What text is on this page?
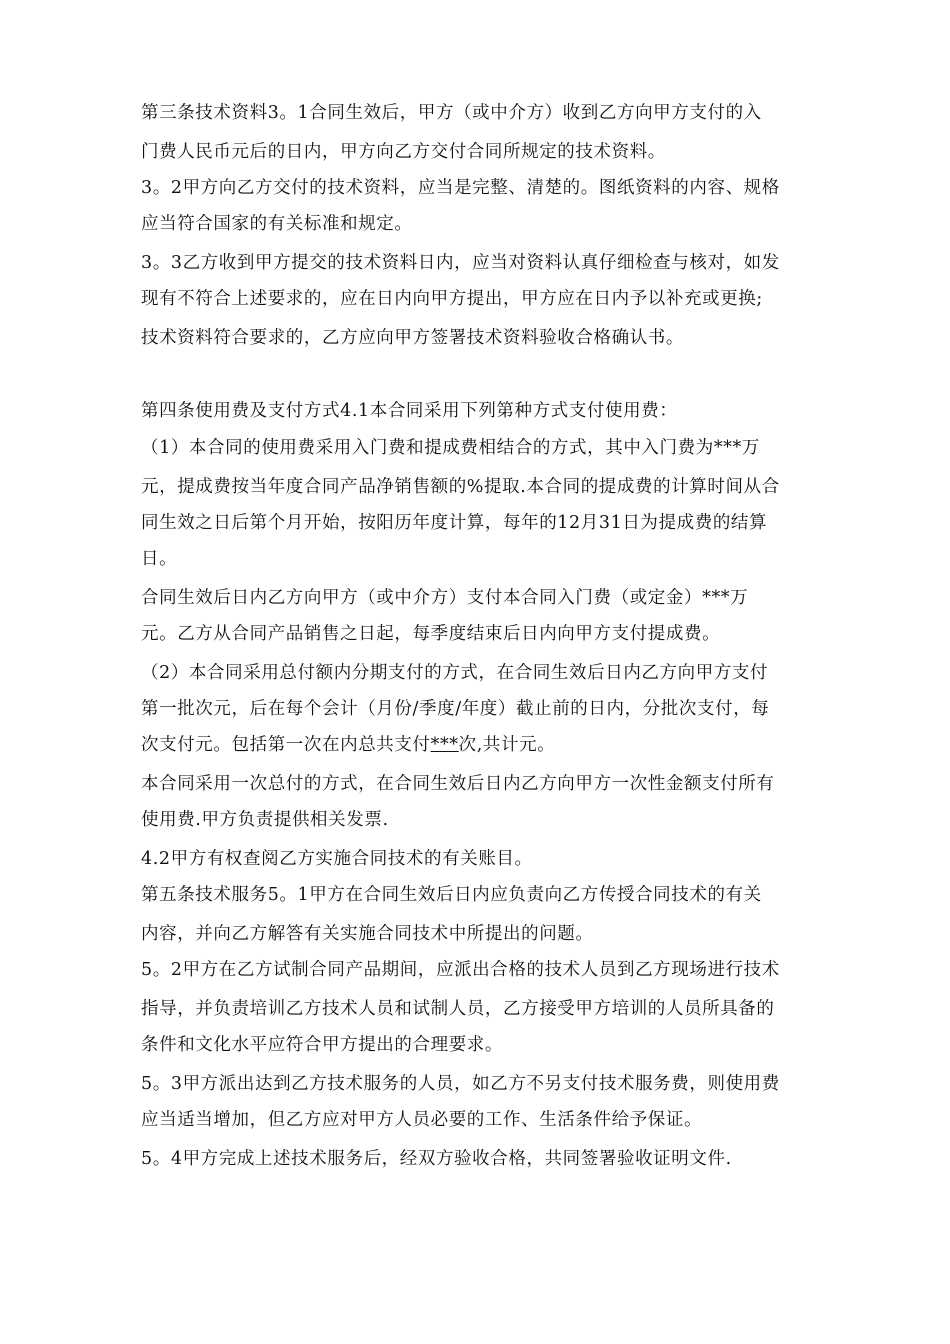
第三条技术资料3。1合同生效后，甲方（或中介方）收到乙方向甲方支付的入
门费人民币元后的日内，甲方向乙方交付合同所规定的技术资料。
3。2甲方向乙方交付的技术资料，应当是完整、清楚的。图纸资料的内容、规格
应当符合国家的有关标准和规定。
3。3乙方收到甲方提交的技术资料日内，应当对资料认真仔细检查与核对，如发
现有不符合上述要求的，应在日内向甲方提出，甲方应在日内予以补充或更换;
技术资料符合要求的，乙方应向甲方签署技术资料验收合格确认书。
第四条使用费及支付方式4.1本合同采用下列第种方式支付使用费：
（1）本合同的使用费采用入门费和提成费相结合的方式，其中入门费为***万
元，提成费按当年度合同产品净销售额的%提取.本合同的提成费的计算时间从合
同生效之日后第个月开始，按阳历年度计算，每年的12月31日为提成费的结算
日。
合同生效后日内乙方向甲方（或中介方）支付本合同入门费（或定金）***万
元。乙方从合同产品销售之日起，每季度结束后日内向甲方支付提成费。
（2）本合同采用总付额内分期支付的方式，在合同生效后日内乙方向甲方支付
第一批次元，后在每个会计（月份/季度/年度）截止前的日内，分批次支付，每
次支付元。包括第一次在内总共支付***次,共计元。
本合同采用一次总付的方式，在合同生效后日内乙方向甲方一次性金额支付所有
使用费.甲方负责提供相关发票.
4.2甲方有权查阅乙方实施合同技术的有关账目。
第五条技术服务5。1甲方在合同生效后日内应负责向乙方传授合同技术的有关
内容，并向乙方解答有关实施合同技术中所提出的问题。
5。2甲方在乙方试制合同产品期间，应派出合格的技术人员到乙方现场进行技术
指导，并负责培训乙方技术人员和试制人员，乙方接受甲方培训的人员所具备的
条件和文化水平应符合甲方提出的合理要求。
5。3甲方派出达到乙方技术服务的人员，如乙方不另支付技术服务费，则使用费
应当适当增加，但乙方应对甲方人员必要的工作、生活条件给予保证。
5。4甲方完成上述技术服务后，经双方验收合格，共同签署验收证明文件.
